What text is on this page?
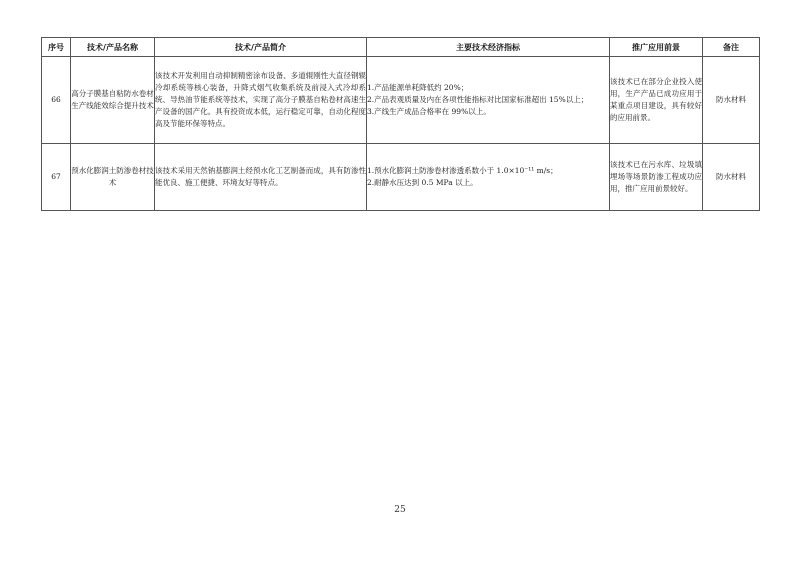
序号	技术/产品名称	技术/产品简介	主要技术经济指标	推广应用前景	备注
66	高分子膜基自粘防水卷材生产线能效综合提升技术	该技术开发利用自动抑制精密涂布设备、多道辊刚性大直径钢辊冷却系统等核心装备，升降式烟气收集系统及前浸入式冷却系统、导热油节能系统等技术，实现了高分子膜基自粘卷材高速生产设备的国产化。具有投资成本低，运行稳定可靠，自动化程度高及节能环保等特点。	1.产品能源单耗降低约 20%；
2.产品表观质量及内在各项性能指标对比国家标准超出 15%以上；
3.产线生产成品合格率在 99%以上。	该技术已在部分企业投入使用，生产产品已成功应用于某重点项目建设，具有较好的应用前景。	防水材料
67	预水化膨润土防渗卷材技术	该技术采用天然钠基膨润土经预水化工艺制备而成，具有防渗性能优良、施工便捷、环境友好等特点。	1.预水化膨润土防渗卷材渗透系数小于 1.0×10⁻¹¹ m/s；
2.耐静水压达到 0.5 MPa 以上。	该技术已在污水库、垃圾填埋场等场景防渗工程成功应用，推广应用前景较好。	防水材料
25
